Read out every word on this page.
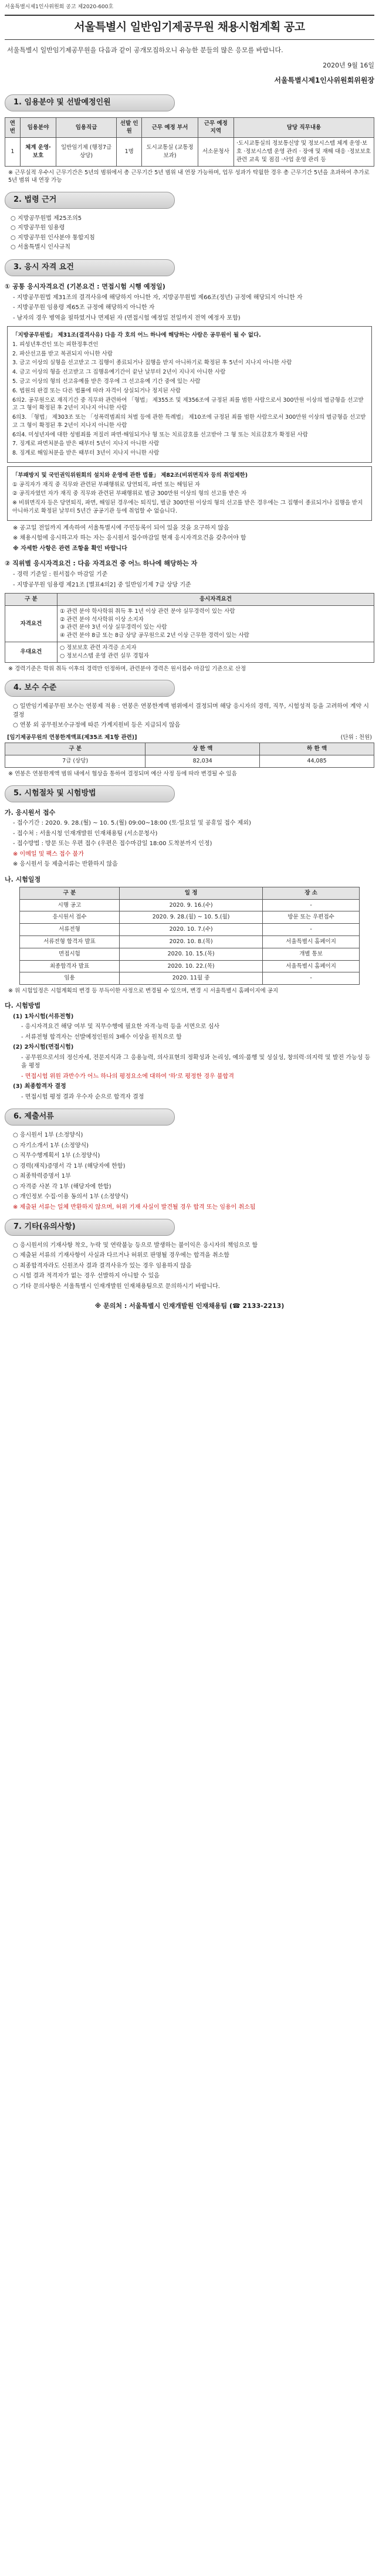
서울특별시제1인사위원회 공고 제2020-600호
서울특별시 일반임기제공무원 채용시험계획 공고
서울특별시 일반임기제공무원을 다음과 같이 공개모집하오니 유능한 분들의 많은 응모를 바랍니다.
2020년 9월 16일
서울특별시제1인사위원회위원장
1. 임용분야 및 선발예정인원
연번	임용분야	임용직급	선발 인원	근무 예정 부서	근무 예정 지역	담당 직무내용
1	체계 운영·보호	일반임기제 (행정7급 상당)	1명	도시교통실 (교통정보과)	서소문청사	·도시교통실의 정보통신망 및 정보시스템 체계 운영·보호 ·정보시스템 운영 관리 · 장애 및 재해 대응 ·정보보호 관련 교육 및 점검 ·사업 운영 관리 등

※ 근무실적 우수시 근무기간은 5년의 범위에서 총 근무기간 5년 범위 내 연장 가능하며, 업무 성과가 탁월한 경우 총 근무기간 5년을 초과하여 추가로 5년 범위 내 연장 가능

2. 법령 근거
○ 지방공무원법 제25조의5
○ 지방공무원 임용령
○ 지방공무원 인사분야 통합지침
○ 서울특별시 인사규칙
3. 응시 자격 요건
① 공통 응시자격요건 (기본요건 : 면접시험 시행 예정일)

- 지방공무원법 제31조의 결격사유에 해당하지 아니한 자, 지방공무원법 제66조(정년) 규정에 해당되지 아니한 자

- 지방공무원 임용령 제65조 규정에 해당하지 아니한 자

- 남자의 경우 병역을 필하였거나 면제된 자 (면접시험 예정일 전일까지 전역 예정자 포함)

「지방공무원법」 제31조(결격사유) 다음 각 호의 어느 하나에 해당하는 사람은 공무원이 될 수 없다.

1. 피성년후견인 또는 피한정후견인

2. 파산선고를 받고 복권되지 아니한 사람

3. 금고 이상의 실형을 선고받고 그 집행이 종료되거나 집행을 받지 아니하기로 확정된 후 5년이 지나지 아니한 사람

4. 금고 이상의 형을 선고받고 그 집행유예기간이 끝난 날부터 2년이 지나지 아니한 사람

5. 금고 이상의 형의 선고유예를 받은 경우에 그 선고유예 기간 중에 있는 사람

6. 법원의 판결 또는 다른 법률에 따라 자격이 상실되거나 정지된 사람

6의2. 공무원으로 재직기간 중 직무와 관련하여 「형법」 제355조 및 제356조에 규정된 죄를 범한 사람으로서 300만원 이상의 벌금형을 선고받고 그 형이 확정된 후 2년이 지나지 아니한 사람

6의3. 「형법」 제303조 또는 「성폭력범죄의 처벌 등에 관한 특례법」 제10조에 규정된 죄를 범한 사람으로서 300만원 이상의 벌금형을 선고받고 그 형이 확정된 후 2년이 지나지 아니한 사람

6의4. 미성년자에 대한 성범죄를 저질러 파면·해임되거나 형 또는 치료감호를 선고받아 그 형 또는 치료감호가 확정된 사람

7. 징계로 파면처분을 받은 때부터 5년이 지나지 아니한 사람

8. 징계로 해임처분을 받은 때부터 3년이 지나지 아니한 사람

「부패방지 및 국민권익위원회의 설치와 운영에 관한 법률」 제82조(비위면직자 등의 취업제한)

① 공직자가 재직 중 직무와 관련된 부패행위로 당연퇴직, 파면 또는 해임된 자

② 공직자였던 자가 재직 중 직무와 관련된 부패행위로 벌금 300만원 이상의 형의 선고를 받은 자

※ 비위면직자 등은 당연퇴직, 파면, 해임된 경우에는 퇴직일, 벌금 300만원 이상의 형의 선고를 받은 경우에는 그 집행이 종료되거나 집행을 받지 아니하기로 확정된 날부터 5년간 공공기관 등에 취업할 수 없습니다.

※ 공고일 전일까지 계속하여 서울특별시에 주민등록이 되어 있을 것을 요구하지 않음

※ 채용시험에 응시하고자 하는 자는 응시원서 접수마감일 현재 응시자격요건을 갖추어야 함

※ 자세한 사항은 관련 조항을 확인 바랍니다

② 직위별 응시자격요건 : 다음 자격요건 중 어느 하나에 해당하는 자

- 경력 기준일 : 원서접수 마감일 기준

- 지방공무원 임용령 제21조 [별표4의2] 중 일반임기제 7급 상당 기준

구 분	응시자격요건
자격요건	① 관련 분야 학사학위 취득 후 1년 이상 관련 분야 실무경력이 있는 사람
② 관련 분야 석사학위 이상 소지자
③ 관련 분야 3년 이상 실무경력이 있는 사람
④ 관련 분야 8급 또는 8급 상당 공무원으로 2년 이상 근무한 경력이 있는 사람
우대요건	○ 정보보호 관련 자격증 소지자
○ 정보시스템 운영 관련 실무 경험자

※ 경력기준은 학위 취득 이후의 경력만 인정하며, 관련분야 경력은 원서접수 마감일 기준으로 산정

4. 보수 수준

○ 일반임기제공무원 보수는 연봉제 적용 : 연봉은 연봉한계액 범위에서 결정되며 해당 응시자의 경력, 직무, 시험성적 등을 고려하여 계약 시 결정

○ 연봉 외 공무원보수규정에 따른 가계지원비 등은 지급되지 않음

[임기제공무원의 연봉한계액표(제35조 제1항 관련)]	(단위 : 천원)
구 분	상 한 액	하 한 액
7급 (상당)	82,034	44,085

※ 연봉은 연봉한계액 범위 내에서 협상을 통하여 결정되며 예산 사정 등에 따라 변경될 수 있음

5. 시험절차 및 시험방법
가. 응시원서 접수

- 접수기간 : 2020. 9. 28.(월) ~ 10. 5.(월) 09:00~18:00 (토·일요일 및 공휴일 접수 제외)

- 접수처 : 서울시청 인재개발원 인재채용팀 (서소문청사)

- 접수방법 : 방문 또는 우편 접수 (우편은 접수마감일 18:00 도착분까지 인정)

※ 이메일 및 팩스 접수 불가

※ 응시원서 등 제출서류는 반환하지 않음

나. 시험일정
구 분	일 정	장 소
시행 공고	2020. 9. 16.(수)	-
응시원서 접수	2020. 9. 28.(월) ~ 10. 5.(월)	방문 또는 우편접수
서류전형	2020. 10. 7.(수)	-
서류전형 합격자 발표	2020. 10. 8.(목)	서울특별시 홈페이지
면접시험	2020. 10. 15.(목)	개별 통보
최종합격자 발표	2020. 10. 22.(목)	서울특별시 홈페이지
임용	2020. 11월 중	-

※ 위 시험일정은 시험계획의 변경 등 부득이한 사정으로 변경될 수 있으며, 변경 시 서울특별시 홈페이지에 공지

다. 시험방법

(1) 1차시험(서류전형)

- 응시자격요건 해당 여부 및 직무수행에 필요한 자격·능력 등을 서면으로 심사

- 서류전형 합격자는 선발예정인원의 3배수 이상을 원칙으로 함

(2) 2차시험(면접시험)

- 공무원으로서의 정신자세, 전문지식과 그 응용능력, 의사표현의 정확성과 논리성, 예의·품행 및 성실성, 창의력·의지력 및 발전 가능성 등을 평정

- 면접시험 위원 과반수가 어느 하나의 평정요소에 대하여 '하'로 평정한 경우 불합격

(3) 최종합격자 결정

- 면접시험 평정 결과 우수자 순으로 합격자 결정

6. 제출서류

○ 응시원서 1부 (소정양식)

○ 자기소개서 1부 (소정양식)

○ 직무수행계획서 1부 (소정양식)

○ 경력(재직)증명서 각 1부 (해당자에 한함)

○ 최종학력증명서 1부

○ 자격증 사본 각 1부 (해당자에 한함)

○ 개인정보 수집·이용 동의서 1부 (소정양식)

※ 제출된 서류는 일체 반환하지 않으며, 허위 기재 사실이 발견될 경우 합격 또는 임용이 취소됨

7. 기타(유의사항)

○ 응시원서의 기재사항 착오, 누락 및 연락불능 등으로 발생하는 불이익은 응시자의 책임으로 함

○ 제출된 서류의 기재사항이 사실과 다르거나 허위로 판명될 경우에는 합격을 취소함

○ 최종합격자라도 신원조사 결과 결격사유가 있는 경우 임용하지 않음

○ 시험 결과 적격자가 없는 경우 선발하지 아니할 수 있음

○ 기타 문의사항은 서울특별시 인재개발원 인재채용팀으로 문의하시기 바랍니다.

※ 문의처 : 서울특별시 인재개발원 인재채용팀 (☎ 2133-2213)
